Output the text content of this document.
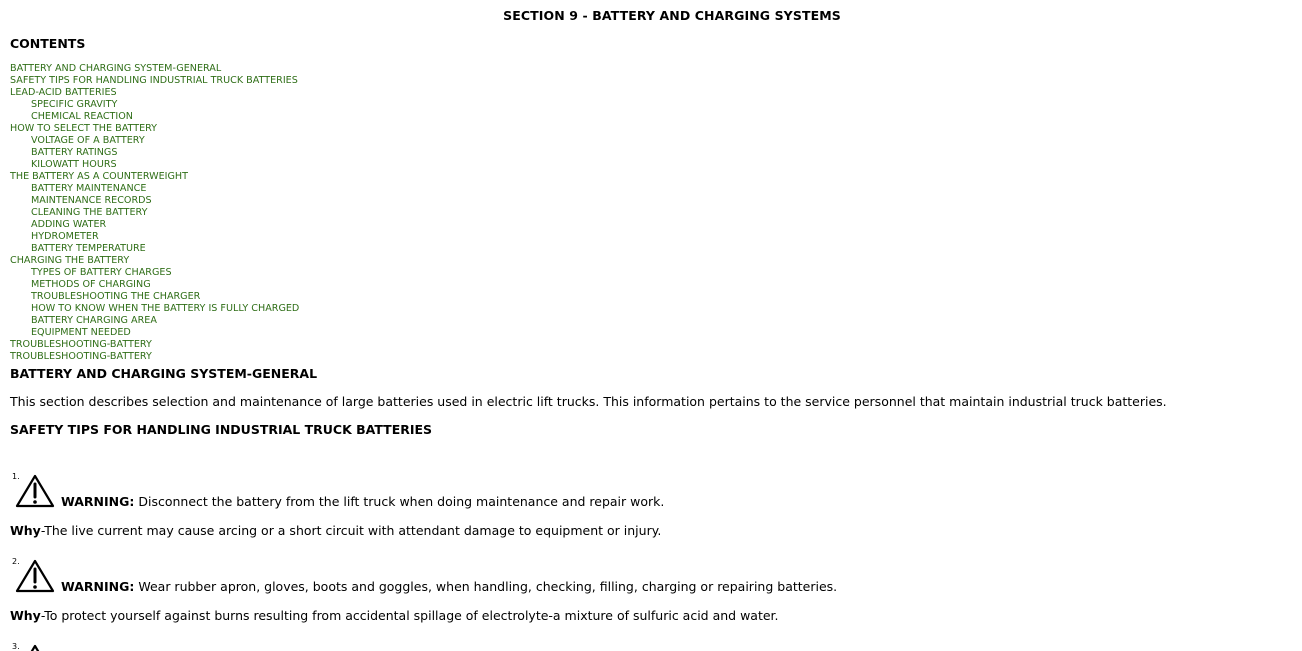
SECTION 9 - BATTERY AND CHARGING SYSTEMS
CONTENTS
BATTERY AND CHARGING SYSTEM-GENERAL
SAFETY TIPS FOR HANDLING INDUSTRIAL TRUCK BATTERIES
LEAD-ACID BATTERIES
SPECIFIC GRAVITY
CHEMICAL REACTION
HOW TO SELECT THE BATTERY
VOLTAGE OF A BATTERY
BATTERY RATINGS
KILOWATT HOURS
THE BATTERY AS A COUNTERWEIGHT
BATTERY MAINTENANCE
MAINTENANCE RECORDS
CLEANING THE BATTERY
ADDING WATER
HYDROMETER
BATTERY TEMPERATURE
CHARGING THE BATTERY
TYPES OF BATTERY CHARGES
METHODS OF CHARGING
TROUBLESHOOTING THE CHARGER
HOW TO KNOW WHEN THE BATTERY IS FULLY CHARGED
BATTERY CHARGING AREA
EQUIPMENT NEEDED
TROUBLESHOOTING-BATTERY
TROUBLESHOOTING-BATTERY
BATTERY AND CHARGING SYSTEM-GENERAL

This section describes selection and maintenance of large batteries used in electric lift trucks. This information pertains to the service personnel that maintain industrial truck batteries.

SAFETY TIPS FOR HANDLING INDUSTRIAL TRUCK BATTERIES
1.
WARNING: Disconnect the battery from the lift truck when doing maintenance and repair work.

Why-The live current may cause arcing or a short circuit with attendant damage to equipment or injury.

2.
WARNING: Wear rubber apron, gloves, boots and goggles, when handling, checking, filling, charging or repairing batteries.

Why-To protect yourself against burns resulting from accidental spillage of electrolyte-a mixture of sulfuric acid and water.

3.
